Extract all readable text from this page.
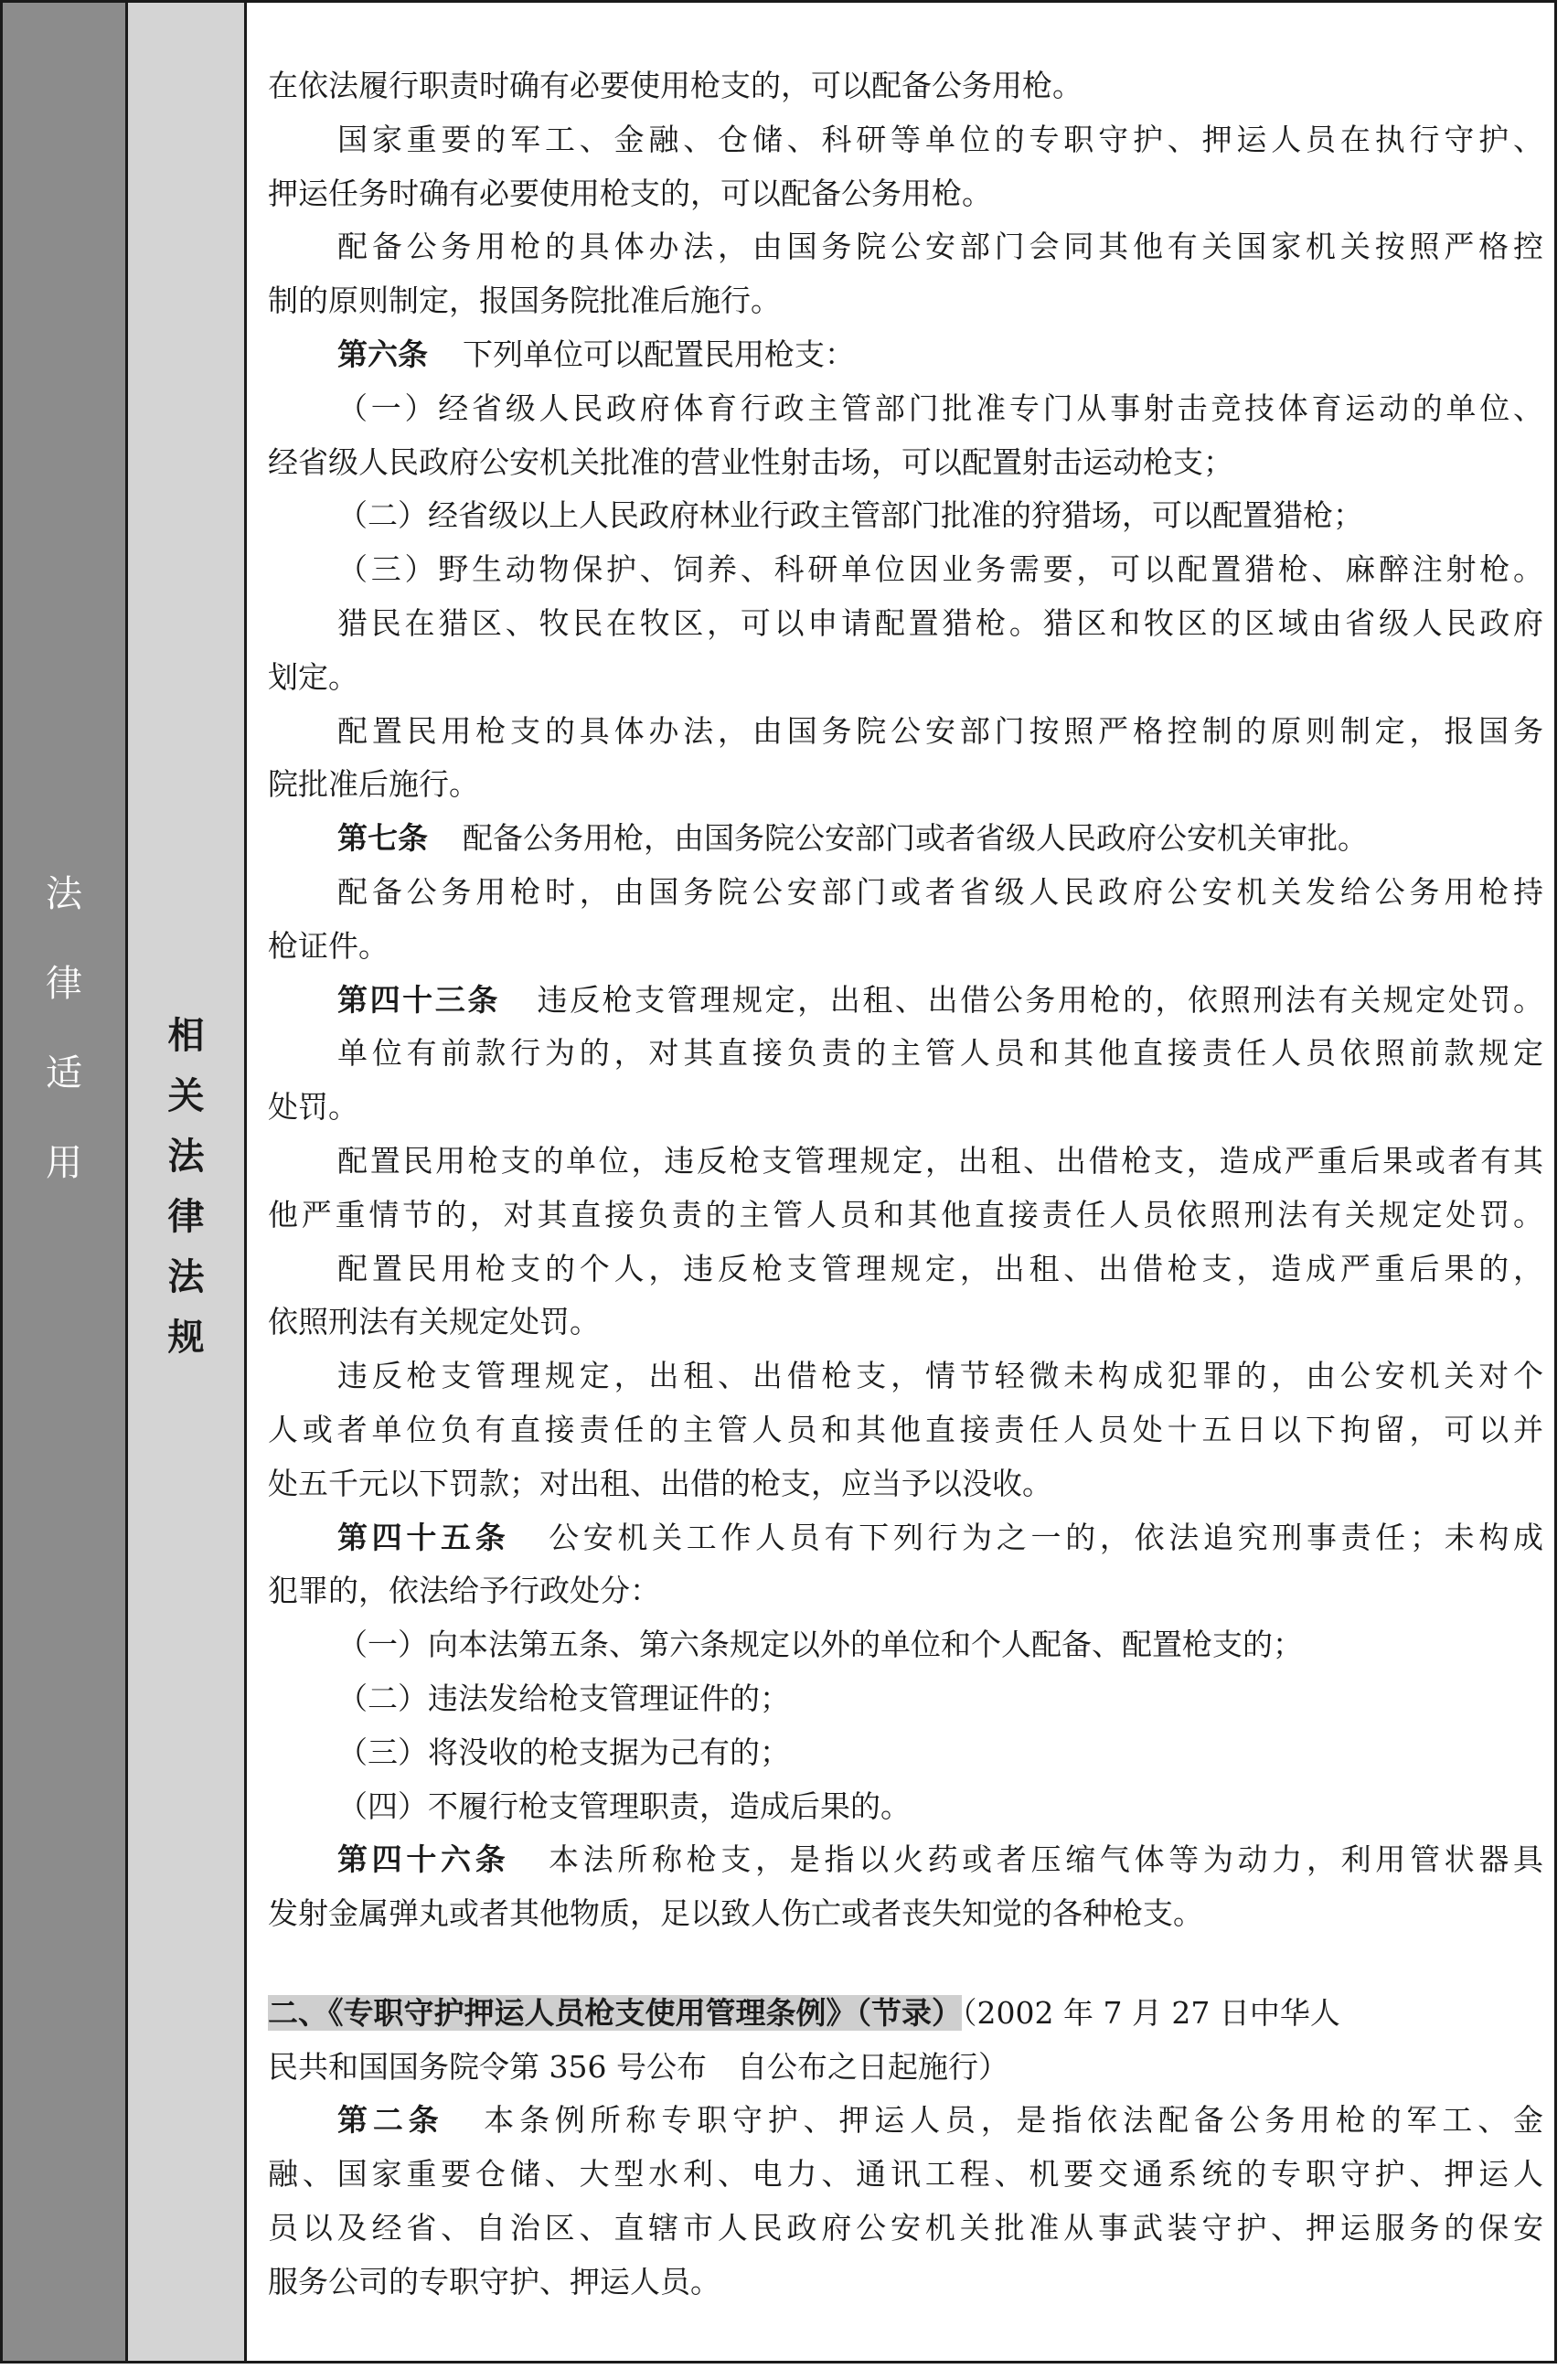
法
律
适
用
相
关
法
律
法
规
在依法履行职责时确有必要使用枪支的，可以配备公务用枪。
国家重要的军工、金融、仓储、科研等单位的专职守护、押运人员在执行守护、
押运任务时确有必要使用枪支的，可以配备公务用枪。
配备公务用枪的具体办法，由国务院公安部门会同其他有关国家机关按照严格控
制的原则制定，报国务院批准后施行。
第六条 下列单位可以配置民用枪支：
（一）经省级人民政府体育行政主管部门批准专门从事射击竞技体育运动的单位、
经省级人民政府公安机关批准的营业性射击场，可以配置射击运动枪支；
（二）经省级以上人民政府林业行政主管部门批准的狩猎场，可以配置猎枪；
（三）野生动物保护、饲养、科研单位因业务需要，可以配置猎枪、麻醉注射枪。
猎民在猎区、牧民在牧区，可以申请配置猎枪。猎区和牧区的区域由省级人民政府
划定。
配置民用枪支的具体办法，由国务院公安部门按照严格控制的原则制定，报国务
院批准后施行。
第七条 配备公务用枪，由国务院公安部门或者省级人民政府公安机关审批。
配备公务用枪时，由国务院公安部门或者省级人民政府公安机关发给公务用枪持
枪证件。
第四十三条 违反枪支管理规定，出租、出借公务用枪的，依照刑法有关规定处罚。
单位有前款行为的，对其直接负责的主管人员和其他直接责任人员依照前款规定
处罚。
配置民用枪支的单位，违反枪支管理规定，出租、出借枪支，造成严重后果或者有其
他严重情节的，对其直接负责的主管人员和其他直接责任人员依照刑法有关规定处罚。
配置民用枪支的个人，违反枪支管理规定，出租、出借枪支，造成严重后果的，
依照刑法有关规定处罚。
违反枪支管理规定，出租、出借枪支，情节轻微未构成犯罪的，由公安机关对个
人或者单位负有直接责任的主管人员和其他直接责任人员处十五日以下拘留，可以并
处五千元以下罚款；对出租、出借的枪支，应当予以没收。
第四十五条 公安机关工作人员有下列行为之一的，依法追究刑事责任；未构成
犯罪的，依法给予行政处分：
（一）向本法第五条、第六条规定以外的单位和个人配备、配置枪支的；
（二）违法发给枪支管理证件的；
（三）将没收的枪支据为己有的；
（四）不履行枪支管理职责，造成后果的。
第四十六条 本法所称枪支，是指以火药或者压缩气体等为动力，利用管状器具
发射金属弹丸或者其他物质，足以致人伤亡或者丧失知觉的各种枪支。
二、《专职守护押运人员枪支使用管理条例》（节录）（2002 年 7 月 27 日中华人
民共和国国务院令第 356 号公布　自公布之日起施行）
第二条 本条例所称专职守护、押运人员，是指依法配备公务用枪的军工、金
融、国家重要仓储、大型水利、电力、通讯工程、机要交通系统的专职守护、押运人
员以及经省、自治区、直辖市人民政府公安机关批准从事武装守护、押运服务的保安
服务公司的专职守护、押运人员。
